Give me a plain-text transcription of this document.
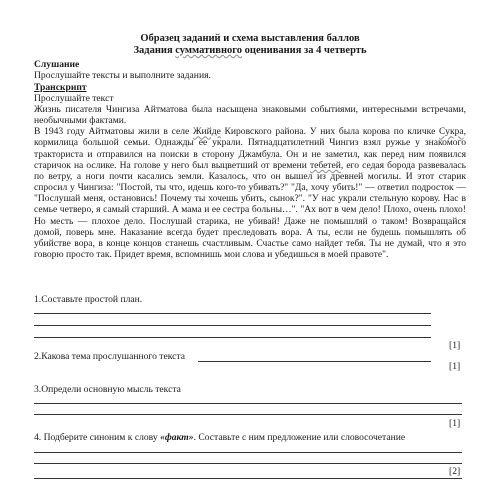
Образец заданий и схема выставления баллов
Задания суммативного оценивания за 4 четверть
Слушание
Прослушайте тексты и выполните задания.
Транскрипт
Прослушайте текст

Жизнь писателя Чингиза Айтматова была насыщена знаковыми событиями, интересными встречами, необычными фактами.

В 1943 году Айтматовы жили в селе Жийде Кировского района. У них была корова по кличке Сукра, кормилица большой семьи. Однажды ее украли. Пятнадцатилетний Чингиз взял ружье у знакомого тракториста и отправился на поиски в сторону Джамбула. Он и не заметил, как перед ним появился старичок на ослике. На голове у него был выцветший от времени тебетей, его седая борода развевалась по ветру, а ноги почти касались земли. Казалось, что он вышел из древней могилы. И этот старик спросил у Чингиза: "Постой, ты что, идешь кого-то убивать?" "Да, хочу убить!" — ответил подросток — "Послушай меня, остановись! Почему ты хочешь убить, сынок?". "У нас украли стельную корову. Нас в семье четверо, я самый старший. А мама и ее сестра больны…". "Ах вот в чем дело! Плохо, очень плохо! Но месть — плохое дело. Послушай старика, не убивай! Даже не помышляй о таком! Возвращайся домой, поверь мне. Наказание всегда будет преследовать вора. А ты, если не будешь помышлять об убийстве вора, в конце концов станешь счастливым. Счастье само найдет тебя. Ты не думай, что я это говорю просто так. Придет время, вспомнишь мои слова и убедишься в моей правоте".

1.Составьте простой план.
[1]
2.Какова тема прослушанного текста
[1]
3.Определи основную мысль текста
[1]
4. Подберите синоним к слову «факт». Составьте с ним предложение или словосочетание
[2]
